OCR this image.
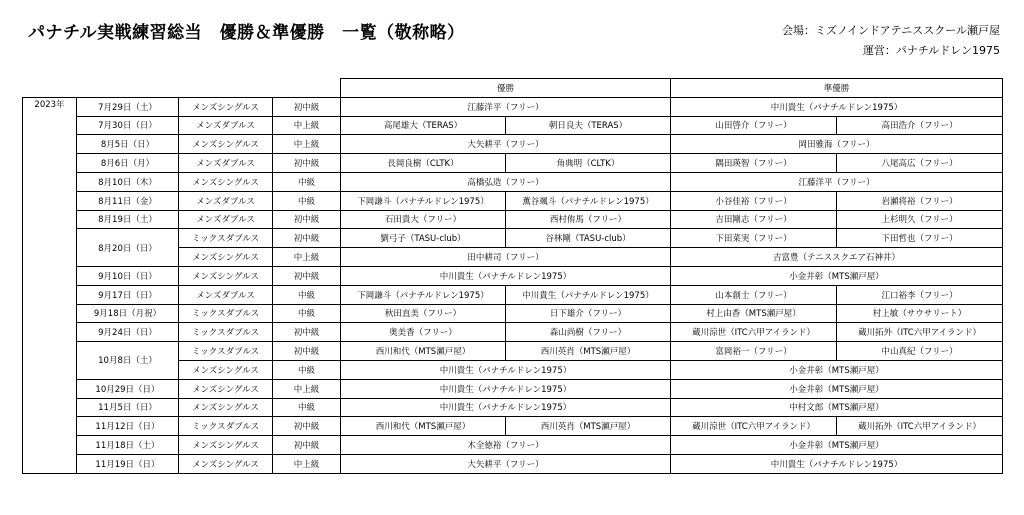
パナチル実戦練習総当　優勝＆準優勝　一覧（敬称略）	会場：ミズノインドアテニススクール瀬戸屋
運営：パナチルドレン1975
				優勝		準優勝	
2023年	7月29日（土）	メンズシングルス	初中級	江藤洋平（フリー）		中川貴生（パナチルドレン1975）	
	7月30日（日）	メンズダブルス	中上級	高尾雄大（TERAS）	朝日良夫（TERAS）	山田啓介（フリー）	高田浩介（フリー）
	8月5日（日）	メンズシングルス	中上級	大矢耕平（フリー）		岡田雅海（フリー）	
	8月6日（月）	メンズダブルス	初中級	長岡良樹（CLTK）	角典明（CLTK）	隅田瑛智（フリー）	八尾高広（フリー）
	8月10日（木）	メンズシングルス	中級	高橋弘造（フリー）		江藤洋平（フリー）	
	8月11日（金）	メンズダブルス	中級	下岡謙斗（パナチルドレン1975）	薫谷颯斗（パナチルドレン1975）	小谷佳裕（フリー）	岩瀬将裕（フリー）
	8月19日（土）	メンズダブルス	初中級	石田貴大（フリー）	西村侑馬（フリー）	吉田剛志（フリー）	上杉明久（フリー）
	8月20日（日）	ミックスダブルス	初中級	劉弓子（TASU-club）	谷林剛（TASU-club）	下田菜実（フリー）	下田哲也（フリー）
		メンズシングルス	中上級	田中耕司（フリー）		吉富豊（テニススクエア石神井）	
	9月10日（日）	メンズシングルス	初中級	中川貴生（パナチルドレン1975）		小金井彰（MTS瀬戸屋）	
	9月17日（日）	メンズダブルス	中級	下岡謙斗（パナチルドレン1975）	中川貴生（パナチルドレン1975）	山本創士（フリー）	江口裕李（フリー）
	9月18日（月祝）	ミックスダブルス	中級	秋田直美（フリー）	日下雄介（フリー）	村上由香（MTS瀬戸屋）	村上敏（サウサリート）
	9月24日（日）	ミックスダブルス	初中級	奥美香（フリー）	森山尚樹（フリー）	蔵川涼世（ITC六甲アイランド）	蔵川拓外（ITC六甲アイランド）
	10月8日（土）	ミックスダブルス	初中級	西川和代（MTS瀬戸屋）	西川英肖（MTS瀬戸屋）	富岡裕一（フリー）	中山真紀（フリー）
		メンズシングルス	中級	中川貴生（パナチルドレン1975）		小金井彰（MTS瀬戸屋）	
	10月29日（日）	メンズシングルス	中上級	中川貴生（パナチルドレン1975）		小金井彰（MTS瀬戸屋）	
	11月5日（日）	メンズシングルス	中級	中川貴生（パナチルドレン1975）		中村文郎（MTS瀬戸屋）	
	11月12日（日）	ミックスダブルス	初中級	西川和代（MTS瀬戸屋）	西川英肖（MTS瀬戸屋）	蔵川涼世（ITC六甲アイランド）	蔵川拓外（ITC六甲アイランド）
	11月18日（土）	メンズシングルス	初中級	木全徳裕（フリー）		小金井彰（MTS瀬戸屋）	
	11月19日（日）	メンズシングルス	中上級	大矢耕平（フリー）		中川貴生（パナチルドレン1975）	
